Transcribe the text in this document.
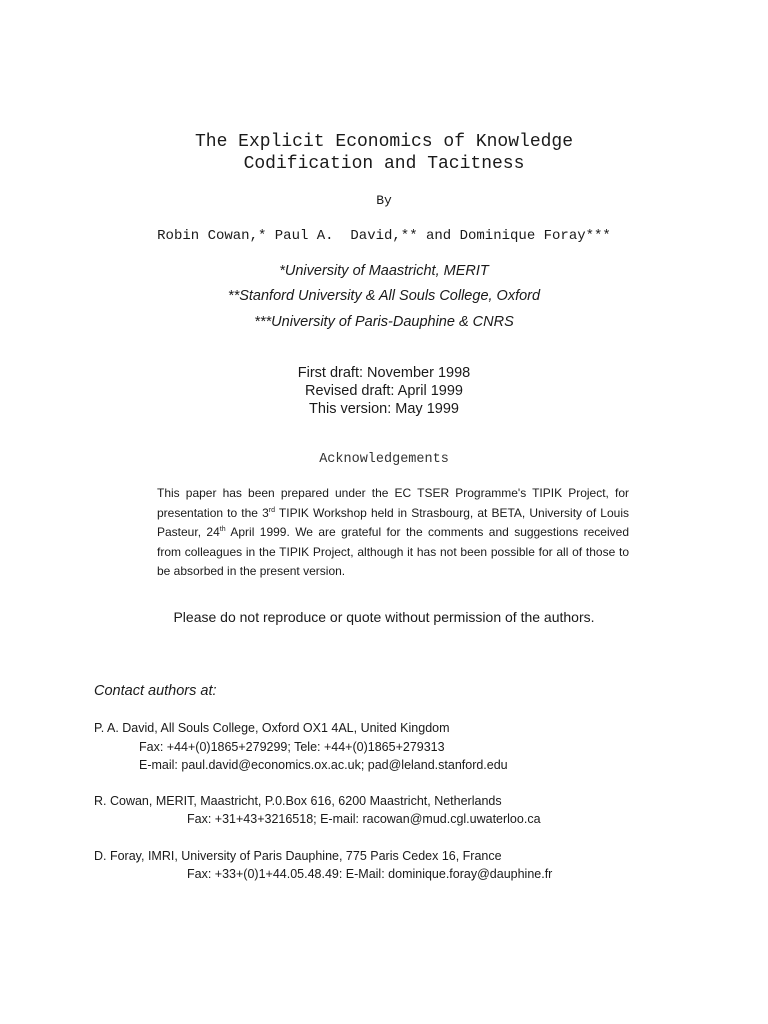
The Explicit Economics of Knowledge
Codification and Tacitness
By
Robin Cowan,* Paul A.  David,** and Dominique Foray***
*University of Maastricht, MERIT
**Stanford University & All Souls College, Oxford
***University of Paris-Dauphine & CNRS
First draft: November 1998
Revised draft: April 1999
This version: May 1999
Acknowledgements
This paper has been prepared under the EC TSER Programme's TIPIK Project, for presentation to the 3rd TIPIK Workshop held in Strasbourg, at BETA, University of Louis Pasteur, 24th April 1999. We are grateful for the comments and suggestions received from colleagues in the TIPIK Project, although it has not been possible for all of those to be absorbed in the present version.
Please do not reproduce or quote without permission of the authors.
Contact authors at:
P. A. David, All Souls College, Oxford OX1 4AL, United Kingdom
Fax: +44+(0)1865+279299; Tele: +44+(0)1865+279313
E-mail: paul.david@economics.ox.ac.uk; pad@leland.stanford.edu
R. Cowan, MERIT, Maastricht, P.0.Box 616, 6200 Maastricht, Netherlands
Fax: +31+43+3216518; E-mail: racowan@mud.cgl.uwaterloo.ca
D. Foray, IMRI, University of Paris Dauphine, 775 Paris Cedex 16, France
Fax: +33+(0)1+44.05.48.49: E-Mail: dominique.foray@dauphine.fr
